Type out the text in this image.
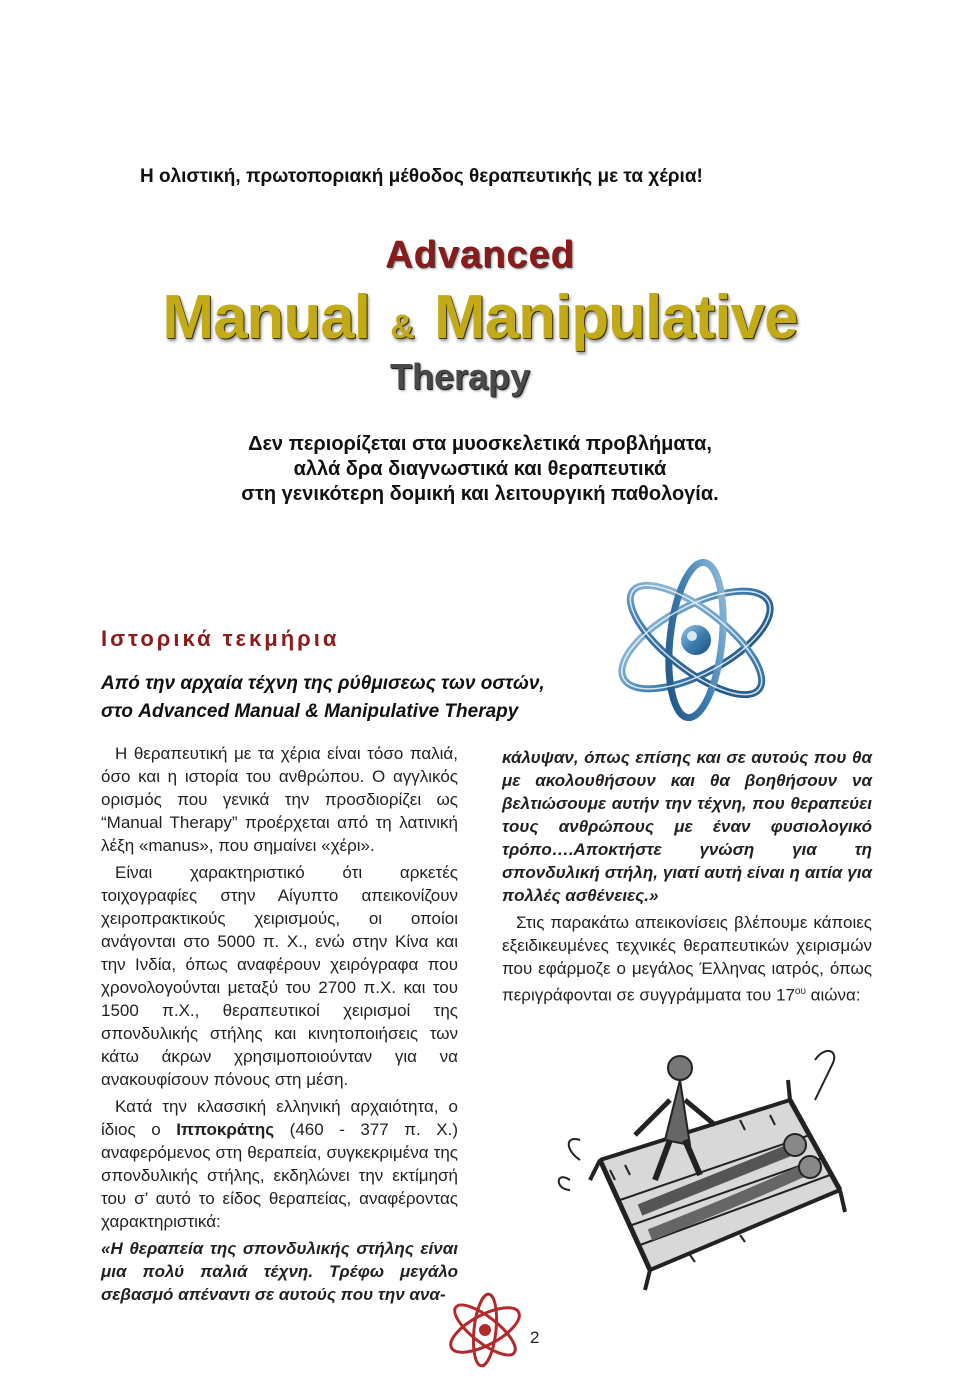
Η ολιστική, πρωτοποριακή μέθοδος θεραπευτικής με τα χέρια!
Advanced
Manual & Manipulative
Therapy
Δεν περιορίζεται στα μυοσκελετικά προβλήματα,
αλλά δρα διαγνωστικά και θεραπευτικά
στη γενικότερη δομική και λειτουργική παθολογία.
Ιστορικά τεκμήρια
Από την αρχαία τέχνη της ρύθμισεως των οστών,
στο Advanced Manual & Manipulative Therapy

Η θεραπευτική με τα χέρια είναι τόσο παλιά, όσο και η ιστορία του ανθρώπου. Ο αγγλικός ορισμός που γενικά την προσδιορίζει ως “Manual Therapy” προέρχεται από τη λατινική λέξη «manus», που σημαίνει «χέρι».

Είναι χαρακτηριστικό ότι αρκετές τοιχογραφίες στην Αίγυπτο απεικονίζουν χειροπρακτικούς χειρισμούς, οι οποίοι ανάγονται στο 5000 π. Χ., ενώ στην Κίνα και την Ινδία, όπως αναφέρουν χειρόγραφα που χρονολογούνται μεταξύ του 2700 π.Χ. και του 1500 π.Χ., θεραπευτικοί χειρισμοί της σπονδυλικής στήλης και κινητοποιήσεις των κάτω άκρων χρησιμοποιούνταν για να ανακουφίσουν πόνους στη μέση.

Κατά την κλασσική ελληνική αρχαιότητα, ο ίδιος ο Ιπποκράτης (460 - 377 π. Χ.) αναφερόμενος στη θεραπεία, συγκεκριμένα της σπονδυλικής στήλης, εκδηλώνει την εκτίμησή του σ’ αυτό το είδος θεραπείας, αναφέροντας χαρακτηριστικά:

«Η θεραπεία της σπονδυλικής στήλης είναι μια πολύ παλιά τέχνη. Τρέφω μεγάλο σεβασμό απέναντι σε αυτούς που την ανα-

κάλυψαν, όπως επίσης και σε αυτούς που θα με ακολουθήσουν και θα βοηθήσουν να βελτιώσουμε αυτήν την τέχνη, που θεραπεύει τους ανθρώπους με έναν φυσιολογικό τρόπο….Αποκτήστε γνώση για τη σπονδυλική στήλη, γιατί αυτή είναι η αιτία για πολλές ασθένειες.»

Στις παρακάτω απεικονίσεις βλέπουμε κάποιες εξειδικευμένες τεχνικές θεραπευτικών χειρισμών που εφάρμοζε ο μεγάλος Έλληνας ιατρός, όπως περιγράφονται σε συγγράμματα του $17^{o\upsilon}$ αιώνα:

2
